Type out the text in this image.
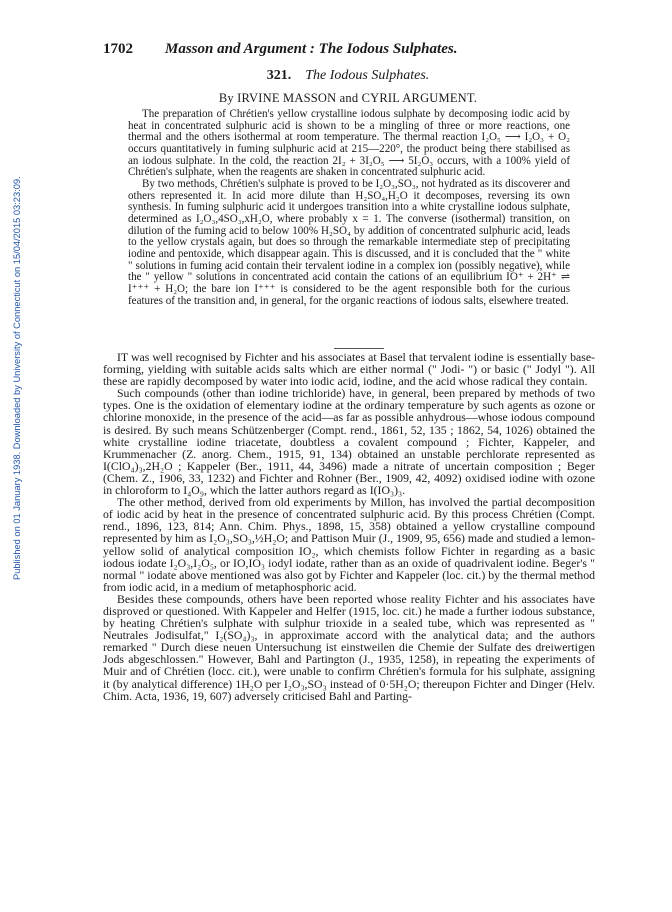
Published on 01 January 1938. Downloaded by University of Connecticut on 15/04/2015 03:23:09.
1702 Masson and Argument : The Iodous Sulphates.
321. The Iodous Sulphates.
By IRVINE MASSON and CYRIL ARGUMENT.

The preparation of Chrétien's yellow crystalline iodous sulphate by decomposing iodic acid by heat in concentrated sulphuric acid is shown to be a mingling of three or more reactions, one thermal and the others isothermal at room temperature. The thermal reaction I₂O₅ ⟶ I₂O₃ + O₂ occurs quantitatively in fuming sulphuric acid at 215—220°, the product being there stabilised as an iodous sulphate. In the cold, the reaction 2I₂ + 3I₂O₅ ⟶ 5I₂O₃ occurs, with a 100% yield of Chrétien's sulphate, when the reagents are shaken in concentrated sulphuric acid.

By two methods, Chrétien's sulphate is proved to be I₂O₃,SO₃, not hydrated as its discoverer and others represented it. In acid more dilute than H₂SO₄,H₂O it decomposes, reversing its own synthesis. In fuming sulphuric acid it undergoes transition into a white crystalline iodous sulphate, determined as I₂O₃,4SO₃,xH₂O, where probably x = 1. The converse (isothermal) transition, on dilution of the fuming acid to below 100% H₂SO₄ by addition of concentrated sulphuric acid, leads to the yellow crystals again, but does so through the remarkable intermediate step of precipitating iodine and pentoxide, which disappear again. This is discussed, and it is concluded that the " white " solutions in fuming acid contain their tervalent iodine in a complex ion (possibly negative), while the " yellow " solutions in concentrated acid contain the cations of an equilibrium IO⁺ + 2H⁺ ⇌ I⁺⁺⁺ + H₂O; the bare ion I⁺⁺⁺ is considered to be the agent responsible both for the curious features of the transition and, in general, for the organic reactions of iodous salts, elsewhere treated.

IT was well recognised by Fichter and his associates at Basel that tervalent iodine is essentially base-forming, yielding with suitable acids salts which are either normal (" Jodi- ") or basic (" Jodyl "). All these are rapidly decomposed by water into iodic acid, iodine, and the acid whose radical they contain.

Such compounds (other than iodine trichloride) have, in general, been prepared by methods of two types. One is the oxidation of elementary iodine at the ordinary temperature by such agents as ozone or chlorine monoxide, in the presence of the acid—as far as possible anhydrous—whose iodous compound is desired. By such means Schützenberger (Compt. rend., 1861, 52, 135 ; 1862, 54, 1026) obtained the white crystalline iodine triacetate, doubtless a covalent compound ; Fichter, Kappeler, and Krummenacher (Z. anorg. Chem., 1915, 91, 134) obtained an unstable perchlorate represented as I(ClO₄)₃,2H₂O ; Kappeler (Ber., 1911, 44, 3496) made a nitrate of uncertain composition ; Beger (Chem. Z., 1906, 33, 1232) and Fichter and Rohner (Ber., 1909, 42, 4092) oxidised iodine with ozone in chloroform to I₄O₉, which the latter authors regard as I(IO₃)₃.

The other method, derived from old experiments by Millon, has involved the partial decomposition of iodic acid by heat in the presence of concentrated sulphuric acid. By this process Chrétien (Compt. rend., 1896, 123, 814; Ann. Chim. Phys., 1898, 15, 358) obtained a yellow crystalline compound represented by him as I₂O₃,SO₃,½H₂O; and Pattison Muir (J., 1909, 95, 656) made and studied a lemon-yellow solid of analytical composition IO₂, which chemists follow Fichter in regarding as a basic iodous iodate I₂O₃,I₂O₅, or IO,IO₃ iodyl iodate, rather than as an oxide of quadrivalent iodine. Beger's " normal " iodate above mentioned was also got by Fichter and Kappeler (loc. cit.) by the thermal method from iodic acid, in a medium of metaphosphoric acid.

Besides these compounds, others have been reported whose reality Fichter and his associates have disproved or questioned. With Kappeler and Helfer (1915, loc. cit.) he made a further iodous substance, by heating Chrétien's sulphate with sulphur trioxide in a sealed tube, which was represented as " Neutrales Jodisulfat," I₂(SO₄)₃, in approximate accord with the analytical data; and the authors remarked " Durch diese neuen Untersuchung ist einstweilen die Chemie der Sulfate des dreiwertigen Jods abgeschlossen." However, Bahl and Partington (J., 1935, 1258), in repeating the experiments of Muir and of Chrétien (locc. cit.), were unable to confirm Chrétien's formula for his sulphate, assigning it (by analytical difference) 1H₂O per I₂O₃,SO₃ instead of 0·5H₂O; thereupon Fichter and Dinger (Helv. Chim. Acta, 1936, 19, 607) adversely criticised Bahl and Parting-
